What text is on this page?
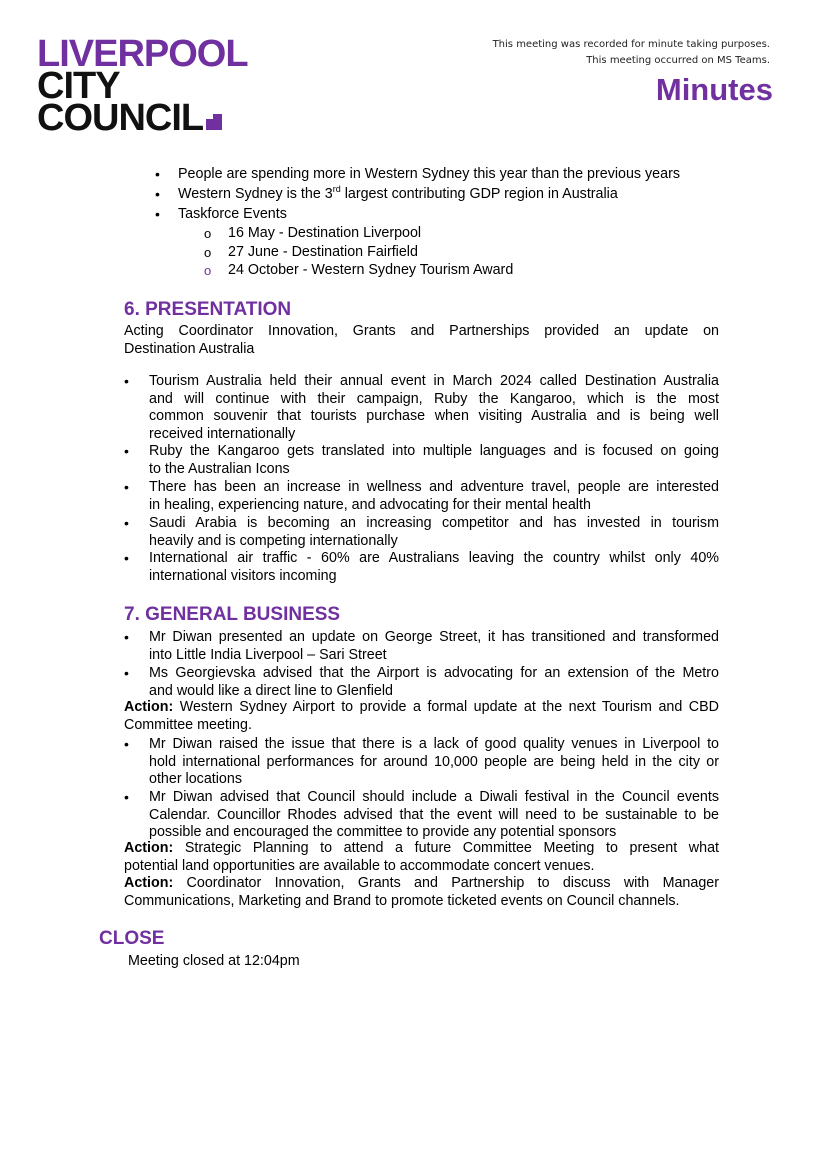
LIVERPOOL
CITY
COUNCIL
This meeting was recorded for minute taking purposes.
This meeting occurred on MS Teams.
Minutes
• People are spending more in Western Sydney this year than the previous years
• Western Sydney is the 3rd largest contributing GDP region in Australia
• Taskforce Events
o 16 May - Destination Liverpool
o 27 June - Destination Fairfield
o 24 October - Western Sydney Tourism Award
6. PRESENTATION
Acting Coordinator Innovation, Grants and Partnerships provided an update on
Destination Australia
• Tourism Australia held their annual event in March 2024 called Destination Australia
and will continue with their campaign, Ruby the Kangaroo, which is the most
common souvenir that tourists purchase when visiting Australia and is being well
received internationally
• Ruby the Kangaroo gets translated into multiple languages and is focused on going
to the Australian Icons
• There has been an increase in wellness and adventure travel, people are interested
in healing, experiencing nature, and advocating for their mental health
• Saudi Arabia is becoming an increasing competitor and has invested in tourism
heavily and is competing internationally
• International air traffic - 60% are Australians leaving the country whilst only 40%
international visitors incoming
7. GENERAL BUSINESS
• Mr Diwan presented an update on George Street, it has transitioned and transformed
into Little India Liverpool – Sari Street
• Ms Georgievska advised that the Airport is advocating for an extension of the Metro
and would like a direct line to Glenfield
Action: Western Sydney Airport to provide a formal update at the next Tourism and CBD
Committee meeting.
• Mr Diwan raised the issue that there is a lack of good quality venues in Liverpool to
hold international performances for around 10,000 people are being held in the city or
other locations
• Mr Diwan advised that Council should include a Diwali festival in the Council events
Calendar. Councillor Rhodes advised that the event will need to be sustainable to be
possible and encouraged the committee to provide any potential sponsors
Action: Strategic Planning to attend a future Committee Meeting to present what
potential land opportunities are available to accommodate concert venues.
Action: Coordinator Innovation, Grants and Partnership to discuss with Manager
Communications, Marketing and Brand to promote ticketed events on Council channels.
CLOSE
Meeting closed at 12:04pm
